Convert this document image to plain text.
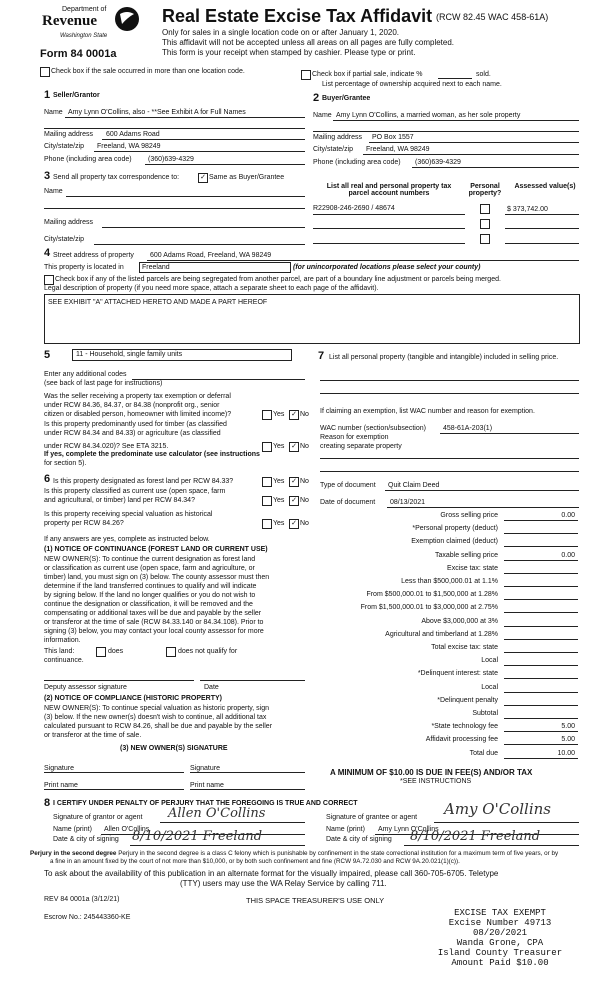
Department of
Revenue
Washington State
Form 84 0001a
Real Estate Excise Tax Affidavit (RCW 82.45 WAC 458-61A)
Only for sales in a single location code on or after January 1, 2020.
This affidavit will not be accepted unless all areas on all pages are fully completed.
This form is your receipt when stamped by cashier. Please type or print.
Check box if the sale occurred in more than one location code.	Check box if partial sale, indicate %	sold.
List percentage of ownership acquired next to each name.
1 Seller/Grantor
Name Amy Lynn O'Collins, also - **See Exhibit A for Full Names
Mailing address 600 Adams Road
City/state/zip Freeland, WA 98249
Phone (including area code) (360)639-4329
2 Buyer/Grantee
Name Amy Lynn O'Collins, a married woman, as her sole property
Mailing address PO Box 1557
City/state/zip Freeland, WA 98249
Phone (including area code) (360)639-4329
3 Send all property tax correspondence to:	✓ Same as Buyer/Grantee
Name
Mailing address
City/state/zip
List all real and personal property tax parcel account numbers
Personal property?
Assessed value(s)
R22908-246-2690 / 48674	$ 373,742.00
4 Street address of property 600 Adams Road, Freeland, WA 98249
This property is located in	Freeland	(for unincorporated locations please select your county)
Check box if any of the listed parcels are being segregated from another parcel, are part of a boundary line adjustment or parcels being merged.
Legal description of property (if you need more space, attach a separate sheet to each page of the affidavit).
SEE EXHIBIT "A" ATTACHED HERETO AND MADE A PART HEREOF
5	11 - Household, single family units
Enter any additional codes
(see back of last page for instructions)
Was the seller receiving a property tax exemption or deferral
under RCW 84.36, 84.37, or 84.38 (nonprofit org., senior
citizen or disabled person, homeowner with limited income)?	Yes ✓ No
Is this property predominantly used for timber (as classified
under RCW 84.34 and 84.33) or agriculture (as classified
under RCW 84.34.020)? See ETA 3215.	Yes ✓ No
If yes, complete the predominate use calculator (see instructions
for section 5).
6 Is this property designated as forest land per RCW 84.33?	Yes ✓ No
Is this property classified as current use (open space, farm
and agricultural, or timber) land per RCW 84.34?	Yes ✓ No
Is this property receiving special valuation as historical
property per RCW 84.26?	Yes ✓ No
If any answers are yes, complete as instructed below.
(1) NOTICE OF CONTINUANCE (FOREST LAND OR CURRENT USE)
NEW OWNER(S): To continue the current designation as forest land
or classification as current use (open space, farm and agriculture, or
timber) land, you must sign on (3) below. The county assessor must then
determine if the land transferred continues to qualify and will indicate
by signing below. If the land no longer qualifies or you do not wish to
continue the designation or classification, it will be removed and the
compensating or additional taxes will be due and payable by the seller
or transferor at the time of sale (RCW 84.33.140 or 84.34.108). Prior to
signing (3) below, you may contact your local county assessor for more
information.
This land:	does	does not qualify for
continuance.
Deputy assessor signature	Date
(2) NOTICE OF COMPLIANCE (HISTORIC PROPERTY)
NEW OWNER(S): To continue special valuation as historic property, sign
(3) below. If the new owner(s) doesn't wish to continue, all additional tax
calculated pursuant to RCW 84.26, shall be due and payable by the seller
or transferor at the time of sale.
(3) NEW OWNER(S) SIGNATURE
Signature	Signature
Print name	Print name
7 List all personal property (tangible and intangible) included in selling price.
If claiming an exemption, list WAC number and reason for exemption.
WAC number (section/subsection) 458-61A-203(1)
Reason for exemption
creating separate property
Type of document Quit Claim Deed
Date of document 08/13/2021
Gross selling price	0.00
*Personal property (deduct)
Exemption claimed (deduct)
Taxable selling price	0.00
Excise tax: state
Less than $500,000.01 at 1.1%
From $500,000.01 to $1,500,000 at 1.28%
From $1,500,000.01 to $3,000,000 at 2.75%
Above $3,000,000 at 3%
Agricultural and timberland at 1.28%
Total excise tax: state
Local
*Delinquent interest: state
Local
*Delinquent penalty
Subtotal
*State technology fee	5.00
Affidavit processing fee	5.00
Total due	10.00
A MINIMUM OF $10.00 IS DUE IN FEE(S) AND/OR TAX
*SEE INSTRUCTIONS
8 I CERTIFY UNDER PENALTY OF PERJURY THAT THE FOREGOING IS TRUE AND CORRECT
Signature of grantor or agent Allen O'Collins
Name (print) Allen O'Collins
Date & city of signing 8/10/2021 Freeland
Signature of grantee or agent Amy O'Collins
Name (print) Amy Lynn O'Collins
Date & city of signing 8/10/2021 Freeland
Perjury in the second degree Perjury in the second degree is a class C felony which is punishable by confinement in the state correctional institution for a maximum term of five years, or by
a fine in an amount fixed by the court of not more than $10,000, or by both such confinement and fine (RCW 9A.72.030 and RCW 9A.20.021(1)(c)).
To ask about the availability of this publication in an alternate format for the visually impaired, please call 360-705-6705. Teletype
(TTY) users may use the WA Relay Service by calling 711.
REV 84 0001a (3/12/21)	THIS SPACE TREASURER'S USE ONLY
Escrow No.: 245443360-KE	EXCISE TAX EXEMPT
Excise Number 49713
08/20/2021
Wanda Grone, CPA
Island County Treasurer
Amount Paid $10.00
